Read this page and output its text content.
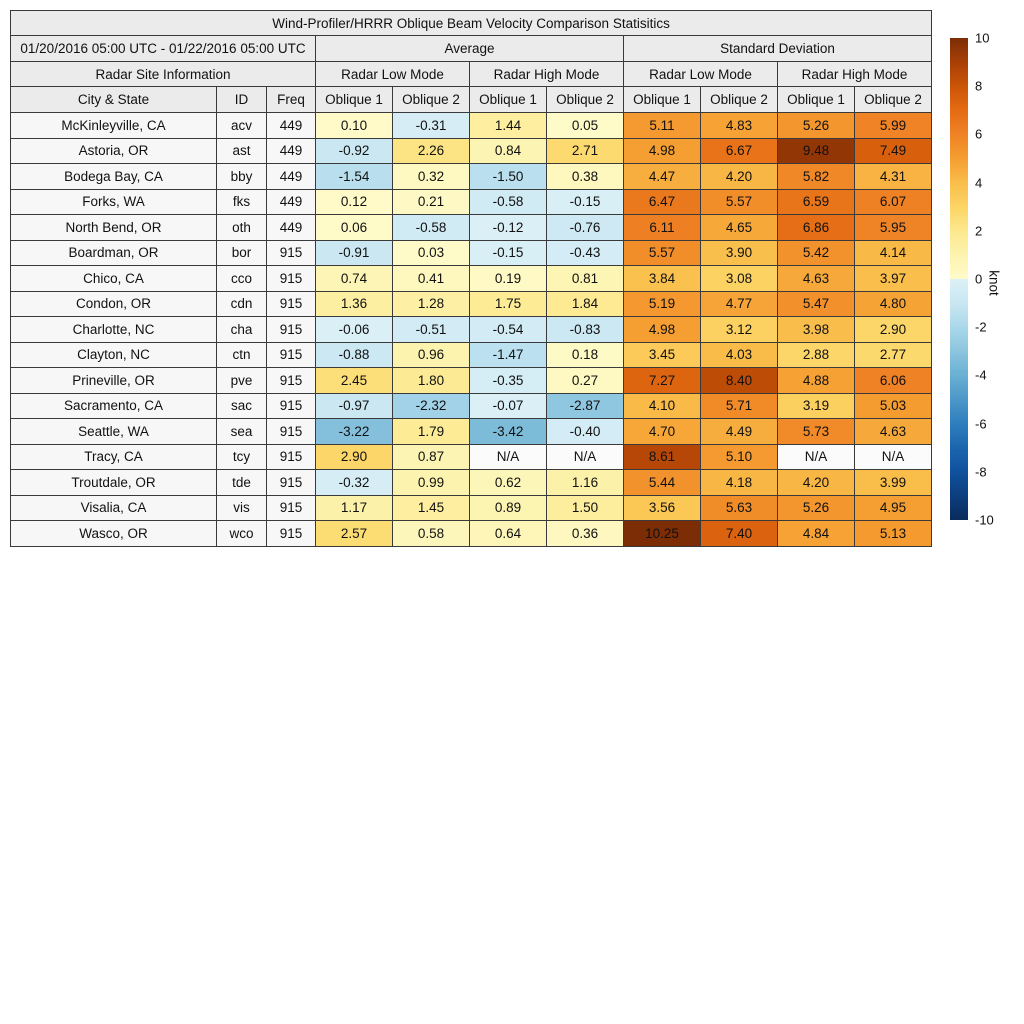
Wind-Profiler/HRRR Oblique Beam Velocity Comparison Statisitics										
01/20/2016 05:00 UTC - 01/22/2016 05:00 UTC			Average				Standard Deviation			
Radar Site Information			Radar Low Mode		Radar High Mode		Radar Low Mode		Radar High Mode	
City & State	ID	Freq	Oblique 1	Oblique 2	Oblique 1	Oblique 2	Oblique 1	Oblique 2	Oblique 1	Oblique 2
McKinleyville, CA	acv	449	0.10	-0.31	1.44	0.05	5.11	4.83	5.26	5.99
Astoria, OR	ast	449	-0.92	2.26	0.84	2.71	4.98	6.67	9.48	7.49
Bodega Bay, CA	bby	449	-1.54	0.32	-1.50	0.38	4.47	4.20	5.82	4.31
Forks, WA	fks	449	0.12	0.21	-0.58	-0.15	6.47	5.57	6.59	6.07
North Bend, OR	oth	449	0.06	-0.58	-0.12	-0.76	6.11	4.65	6.86	5.95
Boardman, OR	bor	915	-0.91	0.03	-0.15	-0.43	5.57	3.90	5.42	4.14
Chico, CA	cco	915	0.74	0.41	0.19	0.81	3.84	3.08	4.63	3.97
Condon, OR	cdn	915	1.36	1.28	1.75	1.84	5.19	4.77	5.47	4.80
Charlotte, NC	cha	915	-0.06	-0.51	-0.54	-0.83	4.98	3.12	3.98	2.90
Clayton, NC	ctn	915	-0.88	0.96	-1.47	0.18	3.45	4.03	2.88	2.77
Prineville, OR	pve	915	2.45	1.80	-0.35	0.27	7.27	8.40	4.88	6.06
Sacramento, CA	sac	915	-0.97	-2.32	-0.07	-2.87	4.10	5.71	3.19	5.03
Seattle, WA	sea	915	-3.22	1.79	-3.42	-0.40	4.70	4.49	5.73	4.63
Tracy, CA	tcy	915	2.90	0.87	N/A	N/A	8.61	5.10	N/A	N/A
Troutdale, OR	tde	915	-0.32	0.99	0.62	1.16	5.44	4.18	4.20	3.99
Visalia, CA	vis	915	1.17	1.45	0.89	1.50	3.56	5.63	5.26	4.95
Wasco, OR	wco	915	2.57	0.58	0.64	0.36	10.25	7.40	4.84	5.13
knot
10
8
6
4
2
0
-2
-4
-6
-8
-10
